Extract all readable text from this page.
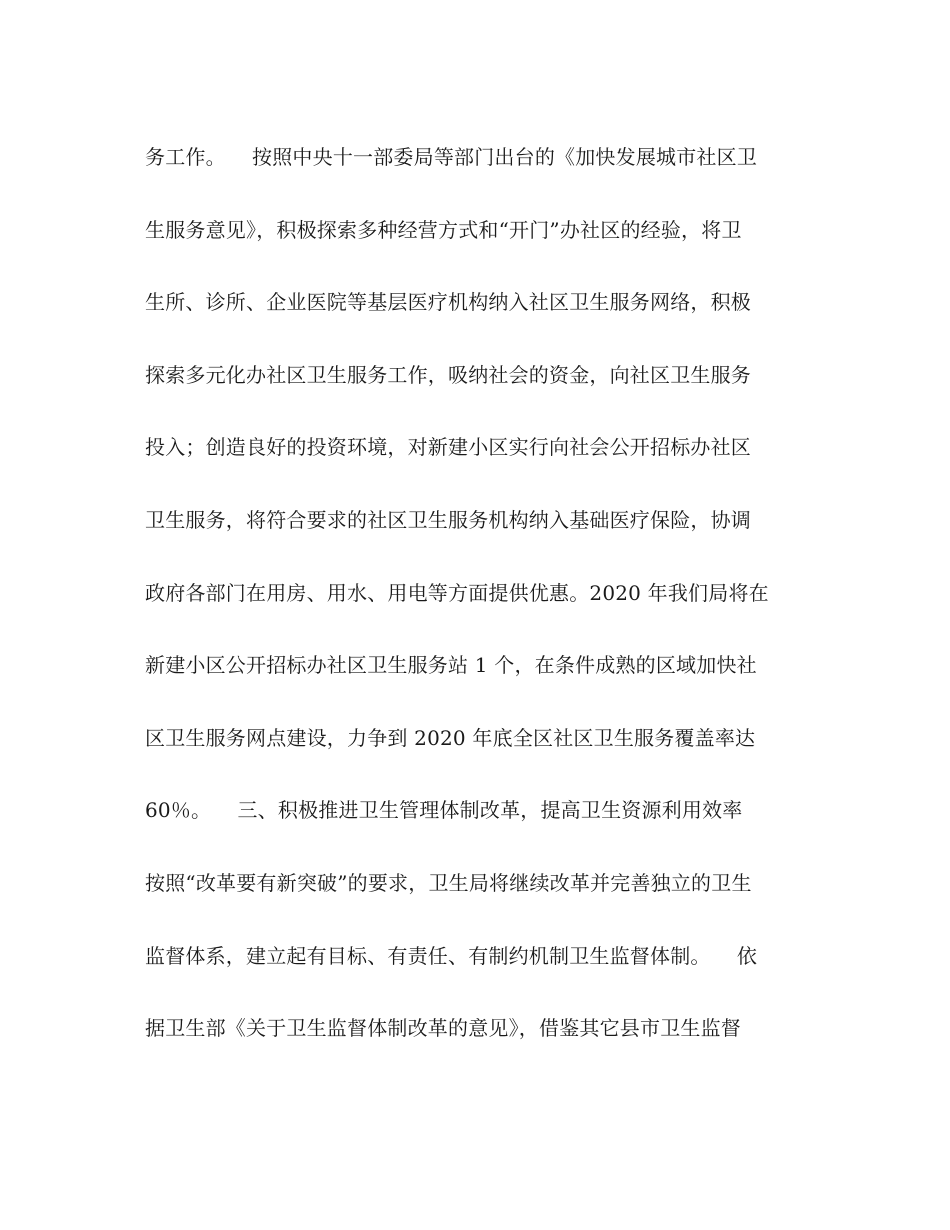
务工作。    按照中央十一部委局等部门出台的《加快发展城市社区卫
生服务意见》，积极探索多种经营方式和“开门”办社区的经验，将卫
生所、诊所、企业医院等基层医疗机构纳入社区卫生服务网络，积极
探索多元化办社区卫生服务工作，吸纳社会的资金，向社区卫生服务
投入；创造良好的投资环境，对新建小区实行向社会公开招标办社区
卫生服务，将符合要求的社区卫生服务机构纳入基础医疗保险，协调
政府各部门在用房、用水、用电等方面提供优惠。2020 年我们局将在
新建小区公开招标办社区卫生服务站 1 个，在条件成熟的区域加快社
区卫生服务网点建设，力争到 2020 年底全区社区卫生服务覆盖率达
60％。    三、积极推进卫生管理体制改革，提高卫生资源利用效率
按照“改革要有新突破”的要求，卫生局将继续改革并完善独立的卫生
监督体系，建立起有目标、有责任、有制约机制卫生监督体制。    依
据卫生部《关于卫生监督体制改革的意见》，借鉴其它县市卫生监督
